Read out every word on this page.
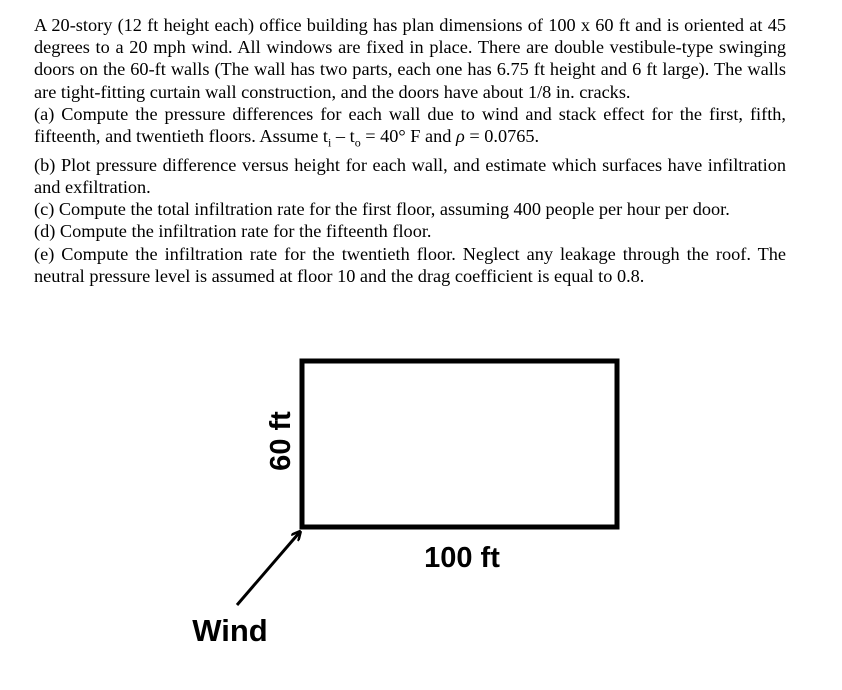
A 20-story (12 ft height each) office building has plan dimensions of 100 x 60 ft and is oriented at 45 degrees to a 20 mph wind. All windows are fixed in place. There are double vestibule-type swinging doors on the 60-ft walls (The wall has two parts, each one has 6.75 ft height and 6 ft large). The walls are tight-fitting curtain wall construction, and the doors have about 1/8 in. cracks.

(a) Compute the pressure differences for each wall due to wind and stack effect for the first, fifth, fifteenth, and twentieth floors. Assume $t_i - t_o = 40^\circ$ F and ρ = 0.0765.

(b) Plot pressure difference versus height for each wall, and estimate which surfaces have infiltration and exfiltration.

(c) Compute the total infiltration rate for the first floor, assuming 400 people per hour per door.

(d) Compute the infiltration rate for the fifteenth floor.

(e) Compute the infiltration rate for the twentieth floor. Neglect any leakage through the roof. The neutral pressure level is assumed at floor 10 and the drag coefficient is equal to 0.8.

100 ft
60 ft
Wind
